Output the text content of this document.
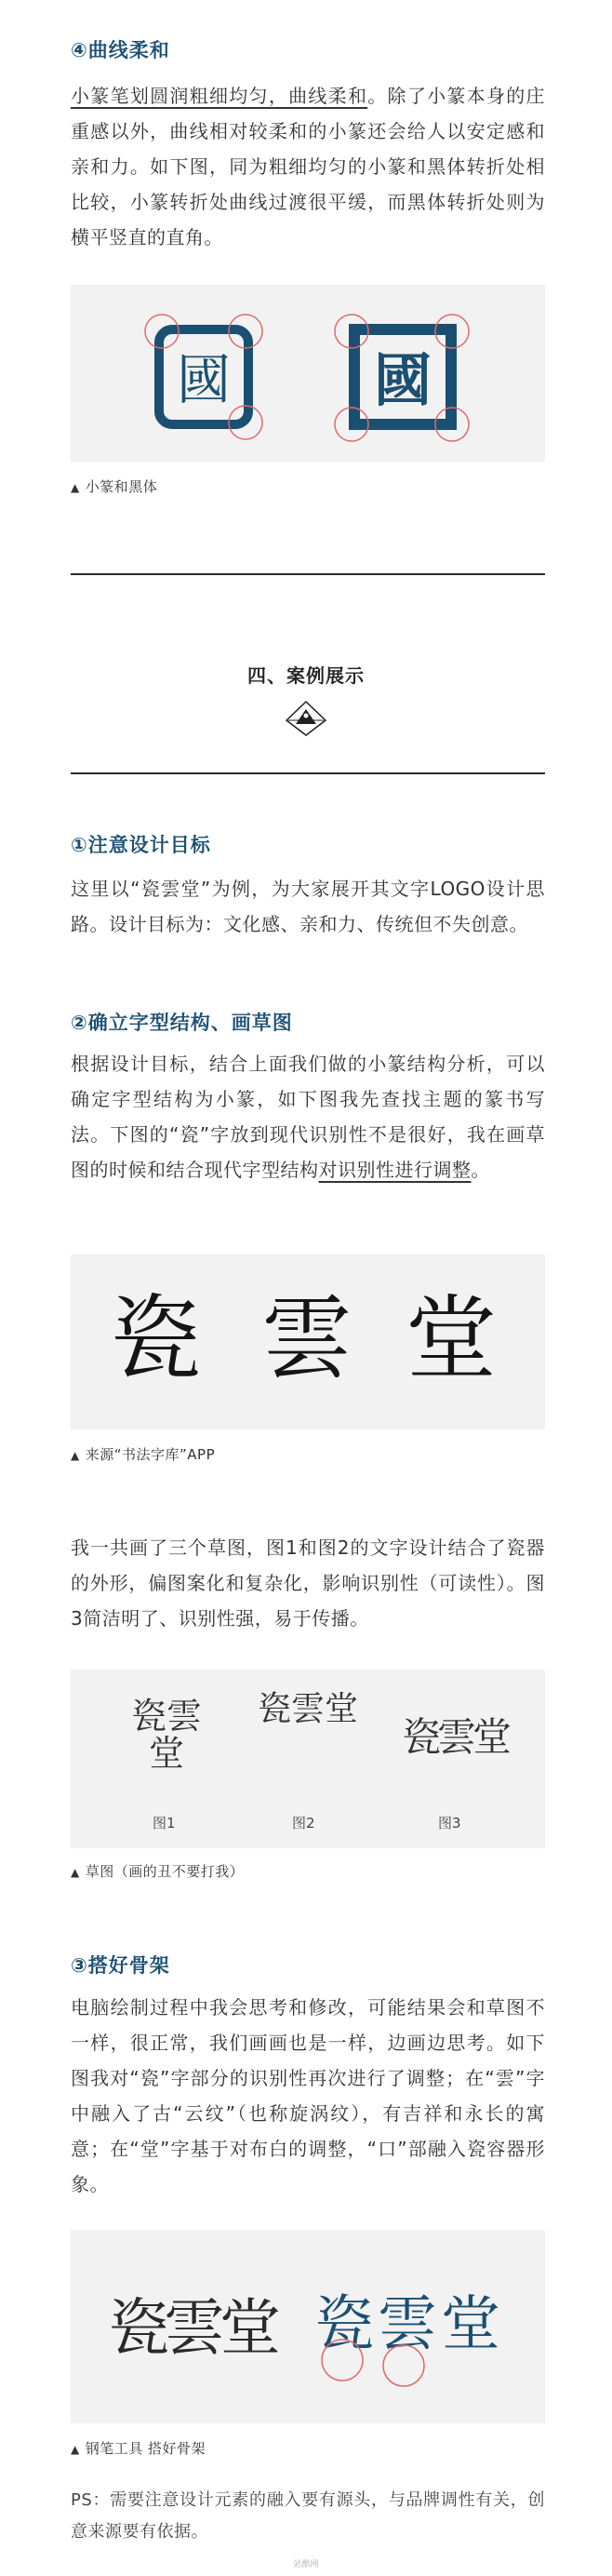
④曲线柔和
小篆笔划圆润粗细均匀，曲线柔和。除了小篆本身的庄重感以外，曲线相对较柔和的小篆还会给人以安定感和亲和力。如下图，同为粗细均匀的小篆和黑体转折处相比较，小篆转折处曲线过渡很平缓，而黑体转折处则为横平竖直的直角。
國 國
▲ 小篆和黑体
四、案例展示
①注意设计目标
这里以“瓷雲堂”为例，为大家展开其文字LOGO设计思路。设计目标为：文化感、亲和力、传统但不失创意。
②确立字型结构、画草图
根据设计目标，结合上面我们做的小篆结构分析，可以确定字型结构为小篆，如下图我先查找主题的篆书写法。下图的“瓷”字放到现代识别性不是很好，我在画草图的时候和结合现代字型结构对识别性进行调整。
瓷 雲 堂
▲ 来源“书法字库”APP
我一共画了三个草图，图1和图2的文字设计结合了瓷器的外形，偏图案化和复杂化，影响识别性（可读性）。图3简洁明了、识别性强，易于传播。
瓷雲堂
瓷雲堂
瓷雲堂
图1	图2	图3
▲ 草图（画的丑不要打我）
③搭好骨架
电脑绘制过程中我会思考和修改，可能结果会和草图不一样，很正常，我们画画也是一样，边画边思考。如下图我对“瓷”字部分的识别性再次进行了调整；在“雲”字中融入了古“云纹”（也称旋涡纹），有吉祥和永长的寓意；在“堂”字基于对布白的调整，“口”部融入瓷容器形象。
瓷雲堂 瓷雲堂
▲ 钢笔工具 搭好骨架
PS：需要注意设计元素的融入要有源头，与品牌调性有关，创意来源要有依据。
站酷网
